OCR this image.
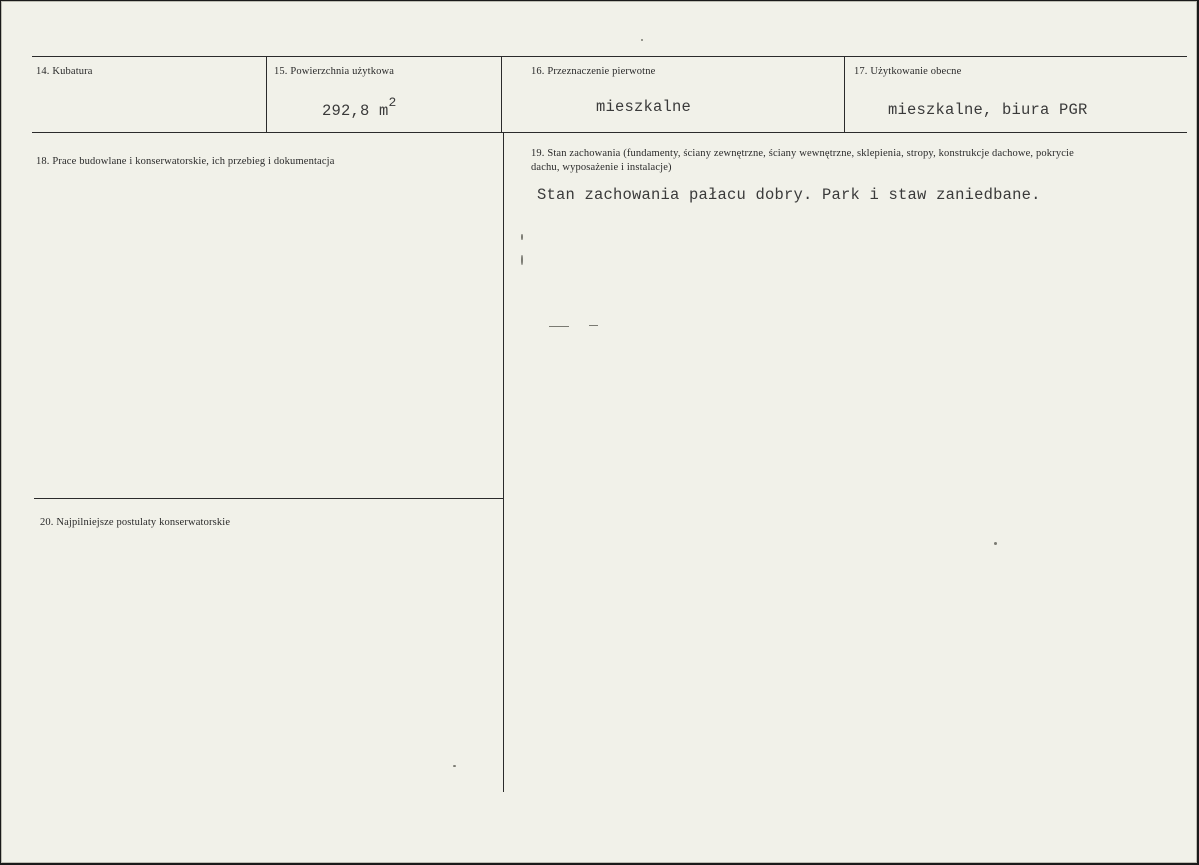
14. Kubatura	15. Powierzchnia użytkowa
292,8 $m^2$
16. Przeznaczenie pierwotne
mieszkalne
17. Użytkowanie obecne
mieszkalne, biura PGR
18. Prace budowlane i konserwatorskie, ich przebieg i dokumentacja
19. Stan zachowania (fundamenty, ściany zewnętrzne, ściany wewnętrzne, sklepienia, stropy, konstrukcje dachowe, pokrycie dachu, wyposażenie i instalacje)
Stan zachowania pałacu dobry. Park i staw zaniedbane.
20. Najpilniejsze postulaty konserwatorskie
